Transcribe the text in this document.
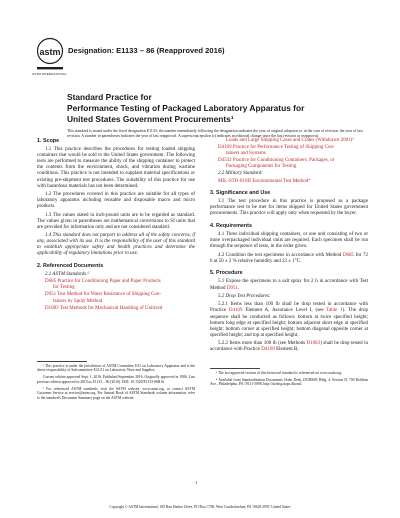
astm
ASTM INTERNATIONAL
Designation: E1133 – 86 (Reapproved 2016)
Standard Practice for
Performance Testing of Packaged Laboratory Apparatus for
United States Government Procurements¹
This standard is issued under the fixed designation E1133; the number immediately following the designation indicates the year of original adoption or, in the case of revision, the year of last revision. A number in parentheses indicates the year of last reapproval. A superscript epsilon (ε) indicates an editorial change since the last revision or reapproval.
1. Scope

1.1 This practice describes the procedures for testing loaded shipping containers that would be sold to the United States government. The following tests are performed to measure the ability of the shipping container to protect the contents from the environment, shock, and vibration during wartime conditions. This practice is not intended to supplant material specifications or existing pre-shipment test procedures. The suitability of this practice for use with hazardous materials has not been determined.

1.2 The procedures covered in this practice are suitable for all types of laboratory apparatus including reusable and disposable macro and micro products.

1.3 The values stated in inch-pound units are to be regarded as standard. The values given in parentheses are mathematical conversions to SI units that are provided for information only and are not considered standard.

1.4 This standard does not purport to address all of the safety concerns, if any, associated with its use. It is the responsibility of the user of this standard to establish appropriate safety and health practices and determine the applicability of regulatory limitations prior to use.

2. Referenced Documents
2.1 ASTM Standards:²
D685 Practice for Conditioning Paper and Paper Products
for Testing
D951 Test Method for Water Resistance of Shipping Con-
tainers by Spray Method
D1083 Test Methods for Mechanical Handling of Unitized

¹ This practice is under the jurisdiction of ASTM Committee E41 on Laboratory Apparatus and is the direct responsibility of Subcommittee E41.01 on Laboratory Ware and Supplies.

Current edition approved Sept. 1, 2016. Published September 2016. Originally approved in 1986. Last previous edition approved in 2010 as E1133 – 86 (2010). DOI: 10.1520/E1133-86R16.

² For referenced ASTM standards, visit the ASTM website, www.astm.org, or contact ASTM Customer Service at service@astm.org. For Annual Book of ASTM Standards volume information, refer to the standard's Document Summary page on the ASTM website.

Loads and Large Shipping Cases and Crates (Withdrawn 2001)³
D4169 Practice for Performance Testing of Shipping Con-
tainers and Systems
D4332 Practice for Conditioning Containers, Packages, or
Packaging Components for Testing
2.2 Military Standard:
MIL-STD-810D Environmental Test Method⁴
3. Significance and Use

3.1 The test procedure in this practice is proposed as a package performance test to be met for items shipped for United States government procurements. This practice will apply only when requested by the buyer.

4. Requirements

4.1 Three individual shipping containers, or one unit consisting of two or more overpackaged individual units are required. Each specimen shall be run through the sequence of tests, in the order given.

4.2 Condition the test specimens in accordance with Method D685 for 72 h at 50 ± 2 % relative humidity and 23 ± 1°C.

5. Procedure

5.1 Expose the specimens to a salt spray for 2 h in accordance with Test Method D951.

5.2 Drop Test Procedures:

5.2.1 Items less than 100 lb shall be drop tested in accordance with Practice D4169 Element A, Assurance Level I, (see Table 1). The drop sequence shall be conducted as follows: bottom at twice specified height; bottom long edge at specified height; bottom adjacent short edge at specified height; bottom corner at specified height; bottom diagonal opposite corner at specified height; and top at specified height.

5.2.2 Items more than 100 lb (see Methods D1083) shall be drop tested in accordance with Practice D4169 Element B,

³ The last approved version of this historical standard is referenced on www.astm.org.

⁴ Available from Standardization Documents Order Desk, DODSSP, Bldg. 4, Section D, 700 Robbins Ave., Philadelphia, PA 19111-5098, http://dodssp.daps.dla.mil.

1
Copyright © ASTM International, 100 Barr Harbor Drive, PO Box C700, West Conshohocken, PA 19428-2959. United States
